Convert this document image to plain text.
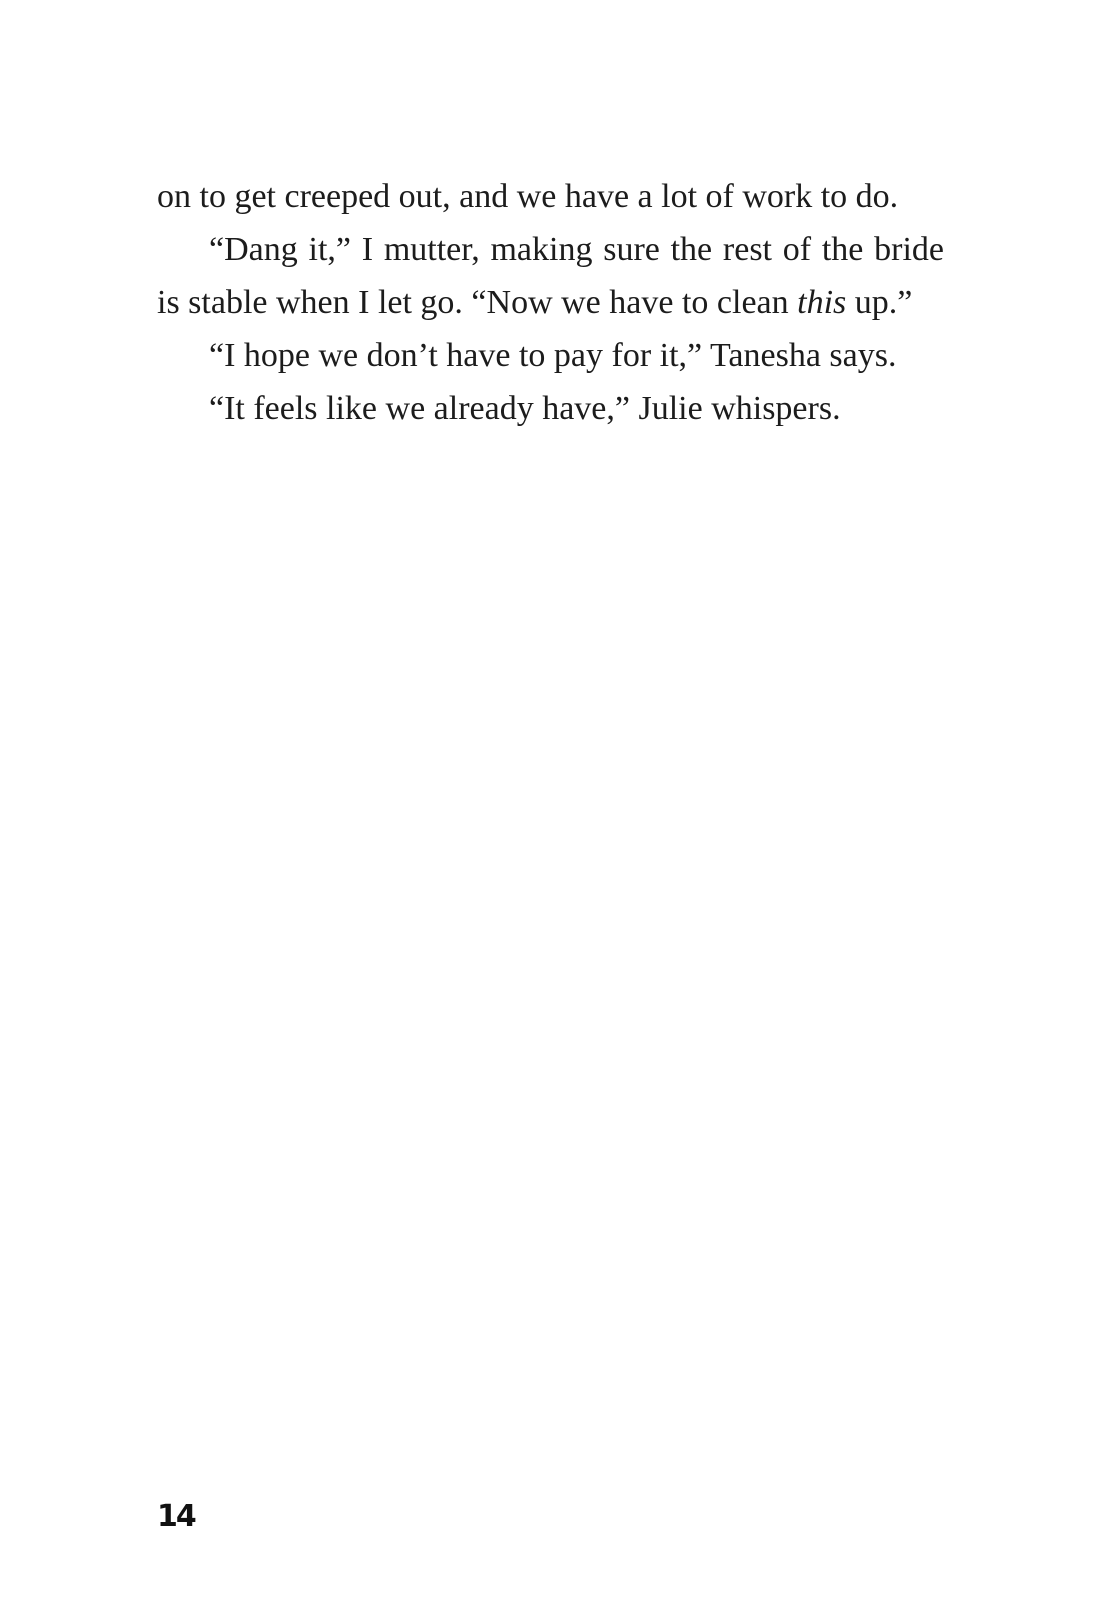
on to get creeped out, and we have a lot of work to do.

“Dang it,” I mutter, making sure the rest of the bride is stable when I let go. “Now we have to clean this up.”

“I hope we don’t have to pay for it,” Tanesha says.

“It feels like we already have,” Julie whispers.

14
